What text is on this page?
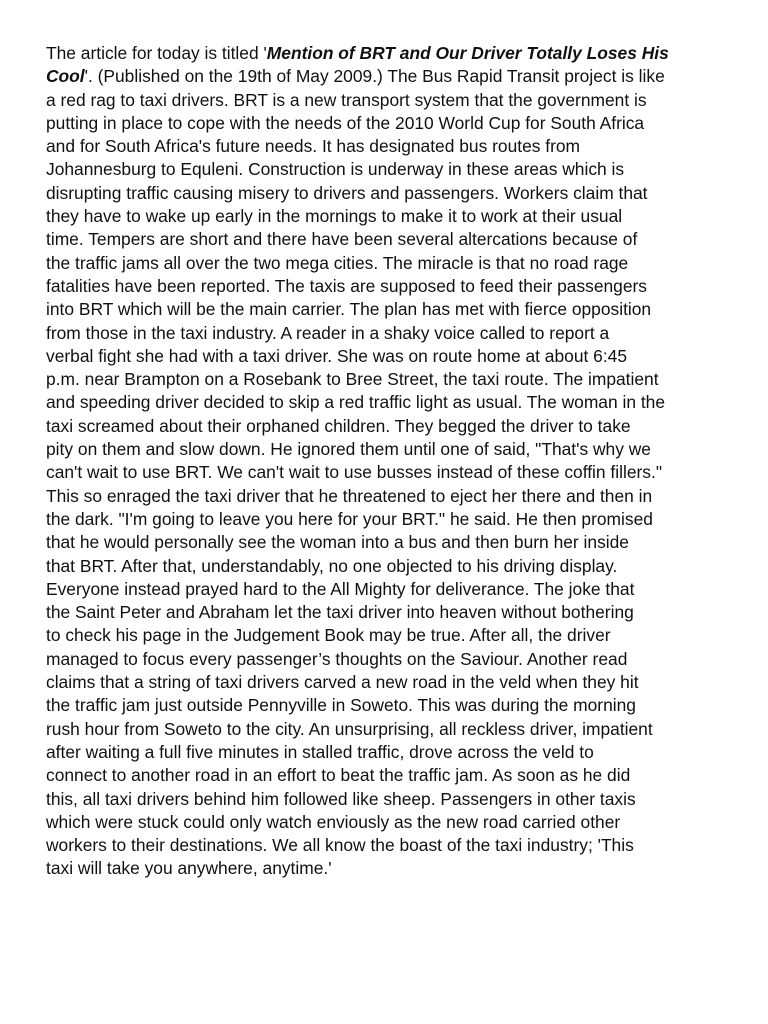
The article for today is titled 'Mention of BRT and Our Driver Totally Loses His
Cool'. (Published on the 19th of May 2009.) The Bus Rapid Transit project is like
a red rag to taxi drivers. BRT is a new transport system that the government is
putting in place to cope with the needs of the 2010 World Cup for South Africa
and for South Africa's future needs. It has designated bus routes from
Johannesburg to Equleni. Construction is underway in these areas which is
disrupting traffic causing misery to drivers and passengers. Workers claim that
they have to wake up early in the mornings to make it to work at their usual
time. Tempers are short and there have been several altercations because of
the traffic jams all over the two mega cities. The miracle is that no road rage
fatalities have been reported. The taxis are supposed to feed their passengers
into BRT which will be the main carrier. The plan has met with fierce opposition
from those in the taxi industry. A reader in a shaky voice called to report a
verbal fight she had with a taxi driver. She was on route home at about 6:45
p.m. near Brampton on a Rosebank to Bree Street, the taxi route. The impatient
and speeding driver decided to skip a red traffic light as usual. The woman in the
taxi screamed about their orphaned children. They begged the driver to take
pity on them and slow down. He ignored them until one of said, "That's why we
can't wait to use BRT. We can't wait to use busses instead of these coffin fillers."
This so enraged the taxi driver that he threatened to eject her there and then in
the dark. "I'm going to leave you here for your BRT." he said. He then promised
that he would personally see the woman into a bus and then burn her inside
that BRT. After that, understandably, no one objected to his driving display.
Everyone instead prayed hard to the All Mighty for deliverance. The joke that
the Saint Peter and Abraham let the taxi driver into heaven without bothering
to check his page in the Judgement Book may be true. After all, the driver
managed to focus every passenger’s thoughts on the Saviour. Another read
claims that a string of taxi drivers carved a new road in the veld when they hit
the traffic jam just outside Pennyville in Soweto. This was during the morning
rush hour from Soweto to the city. An unsurprising, all reckless driver, impatient
after waiting a full five minutes in stalled traffic, drove across the veld to
connect to another road in an effort to beat the traffic jam. As soon as he did
this, all taxi drivers behind him followed like sheep. Passengers in other taxis
which were stuck could only watch enviously as the new road carried other
workers to their destinations. We all know the boast of the taxi industry; 'This
taxi will take you anywhere, anytime.'
